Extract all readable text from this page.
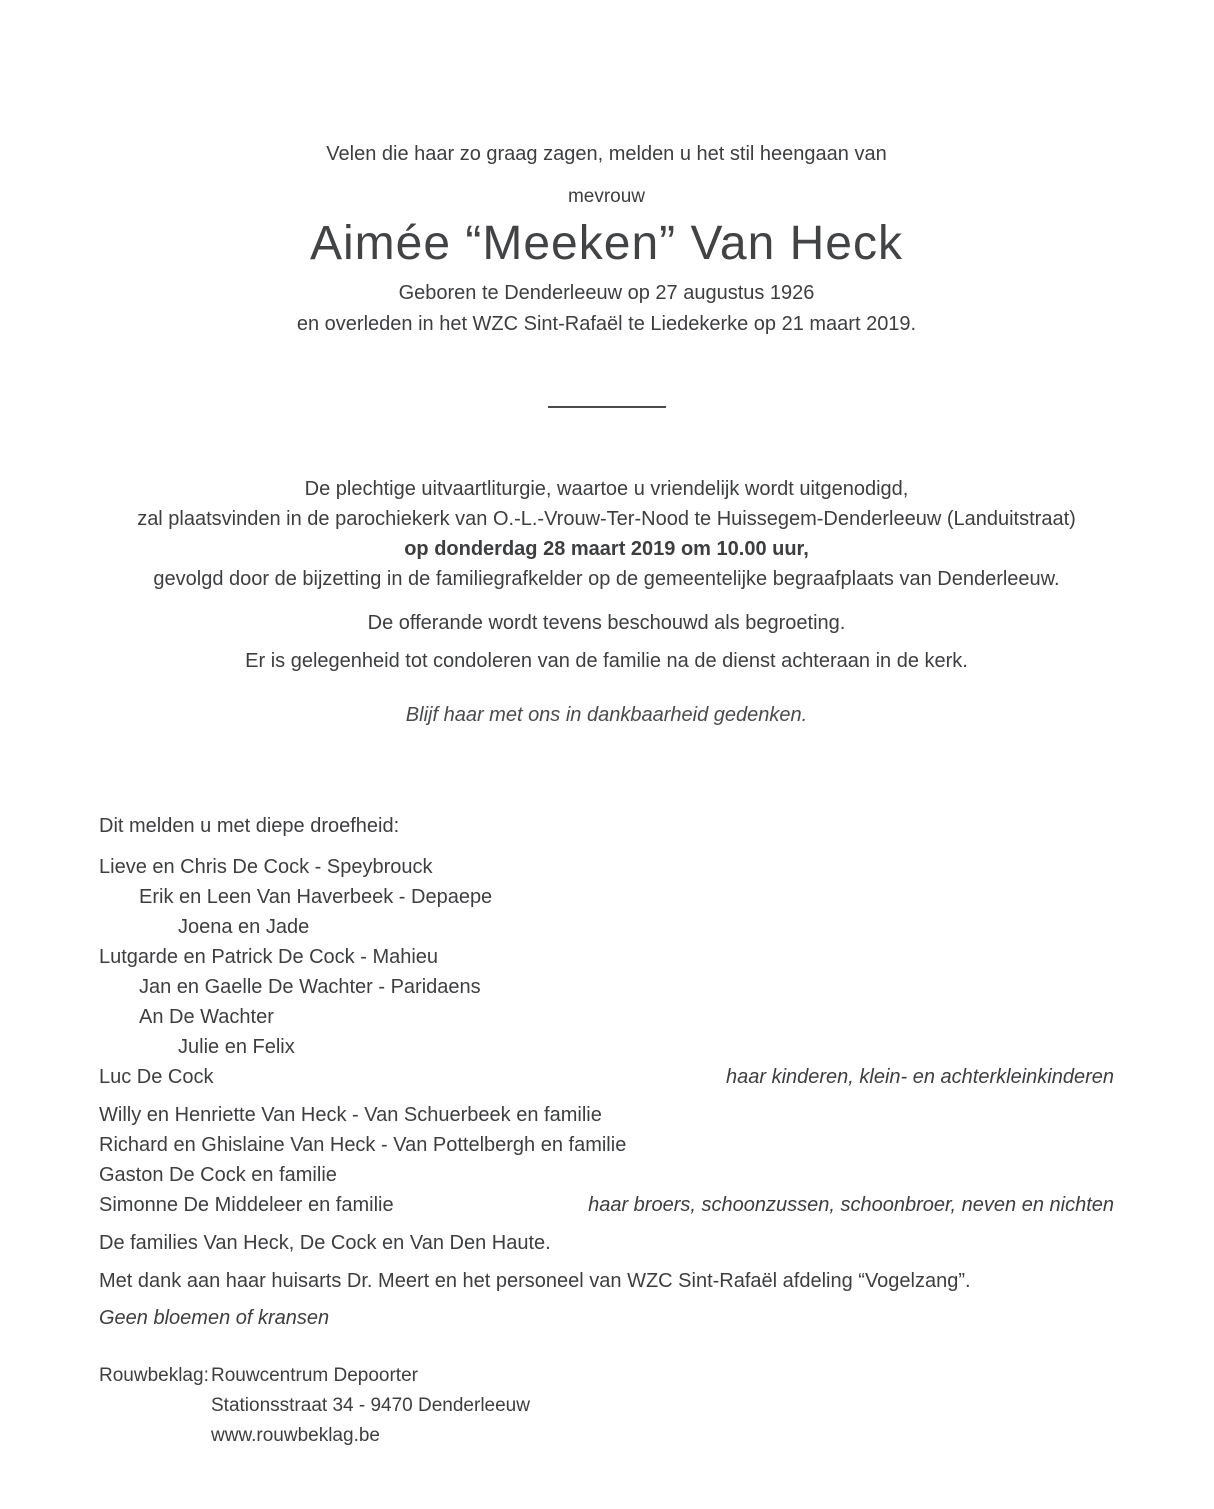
Velen die haar zo graag zagen, melden u het stil heengaan van
mevrouw
Aimée “Meeken” Van Heck
Geboren te Denderleeuw op 27 augustus 1926
en overleden in het WZC Sint-Rafaël te Liedekerke op 21 maart 2019.
De plechtige uitvaartliturgie, waartoe u vriendelijk wordt uitgenodigd,
zal plaatsvinden in de parochiekerk van O.-L.-Vrouw-Ter-Nood te Huissegem-Denderleeuw (Landuitstraat)
op donderdag 28 maart 2019 om 10.00 uur,
gevolgd door de bijzetting in de familiegrafkelder op de gemeentelijke begraafplaats van Denderleeuw.
De offerande wordt tevens beschouwd als begroeting.
Er is gelegenheid tot condoleren van de familie na de dienst achteraan in de kerk.
Blijf haar met ons in dankbaarheid gedenken.
Dit melden u met diepe droefheid:
Lieve en Chris De Cock - Speybrouck
Erik en Leen Van Haverbeek - Depaepe
Joena en Jade
Lutgarde en Patrick De Cock - Mahieu
Jan en Gaelle De Wachter - Paridaens
An De Wachter
Julie en Felix
Luc De Cock	haar kinderen, klein- en achterkleinkinderen
Willy en Henriette Van Heck - Van Schuerbeek en familie
Richard en Ghislaine Van Heck - Van Pottelbergh en familie
Gaston De Cock en familie
Simonne De Middeleer en familie	haar broers, schoonzussen, schoonbroer, neven en nichten
De families Van Heck, De Cock en Van Den Haute.
Met dank aan haar huisarts Dr. Meert en het personeel van WZC Sint-Rafaël afdeling “Vogelzang”.
Geen bloemen of kransen
Rouwbeklag: Rouwcentrum Depoorter
Stationsstraat 34 - 9470 Denderleeuw
www.rouwbeklag.be
